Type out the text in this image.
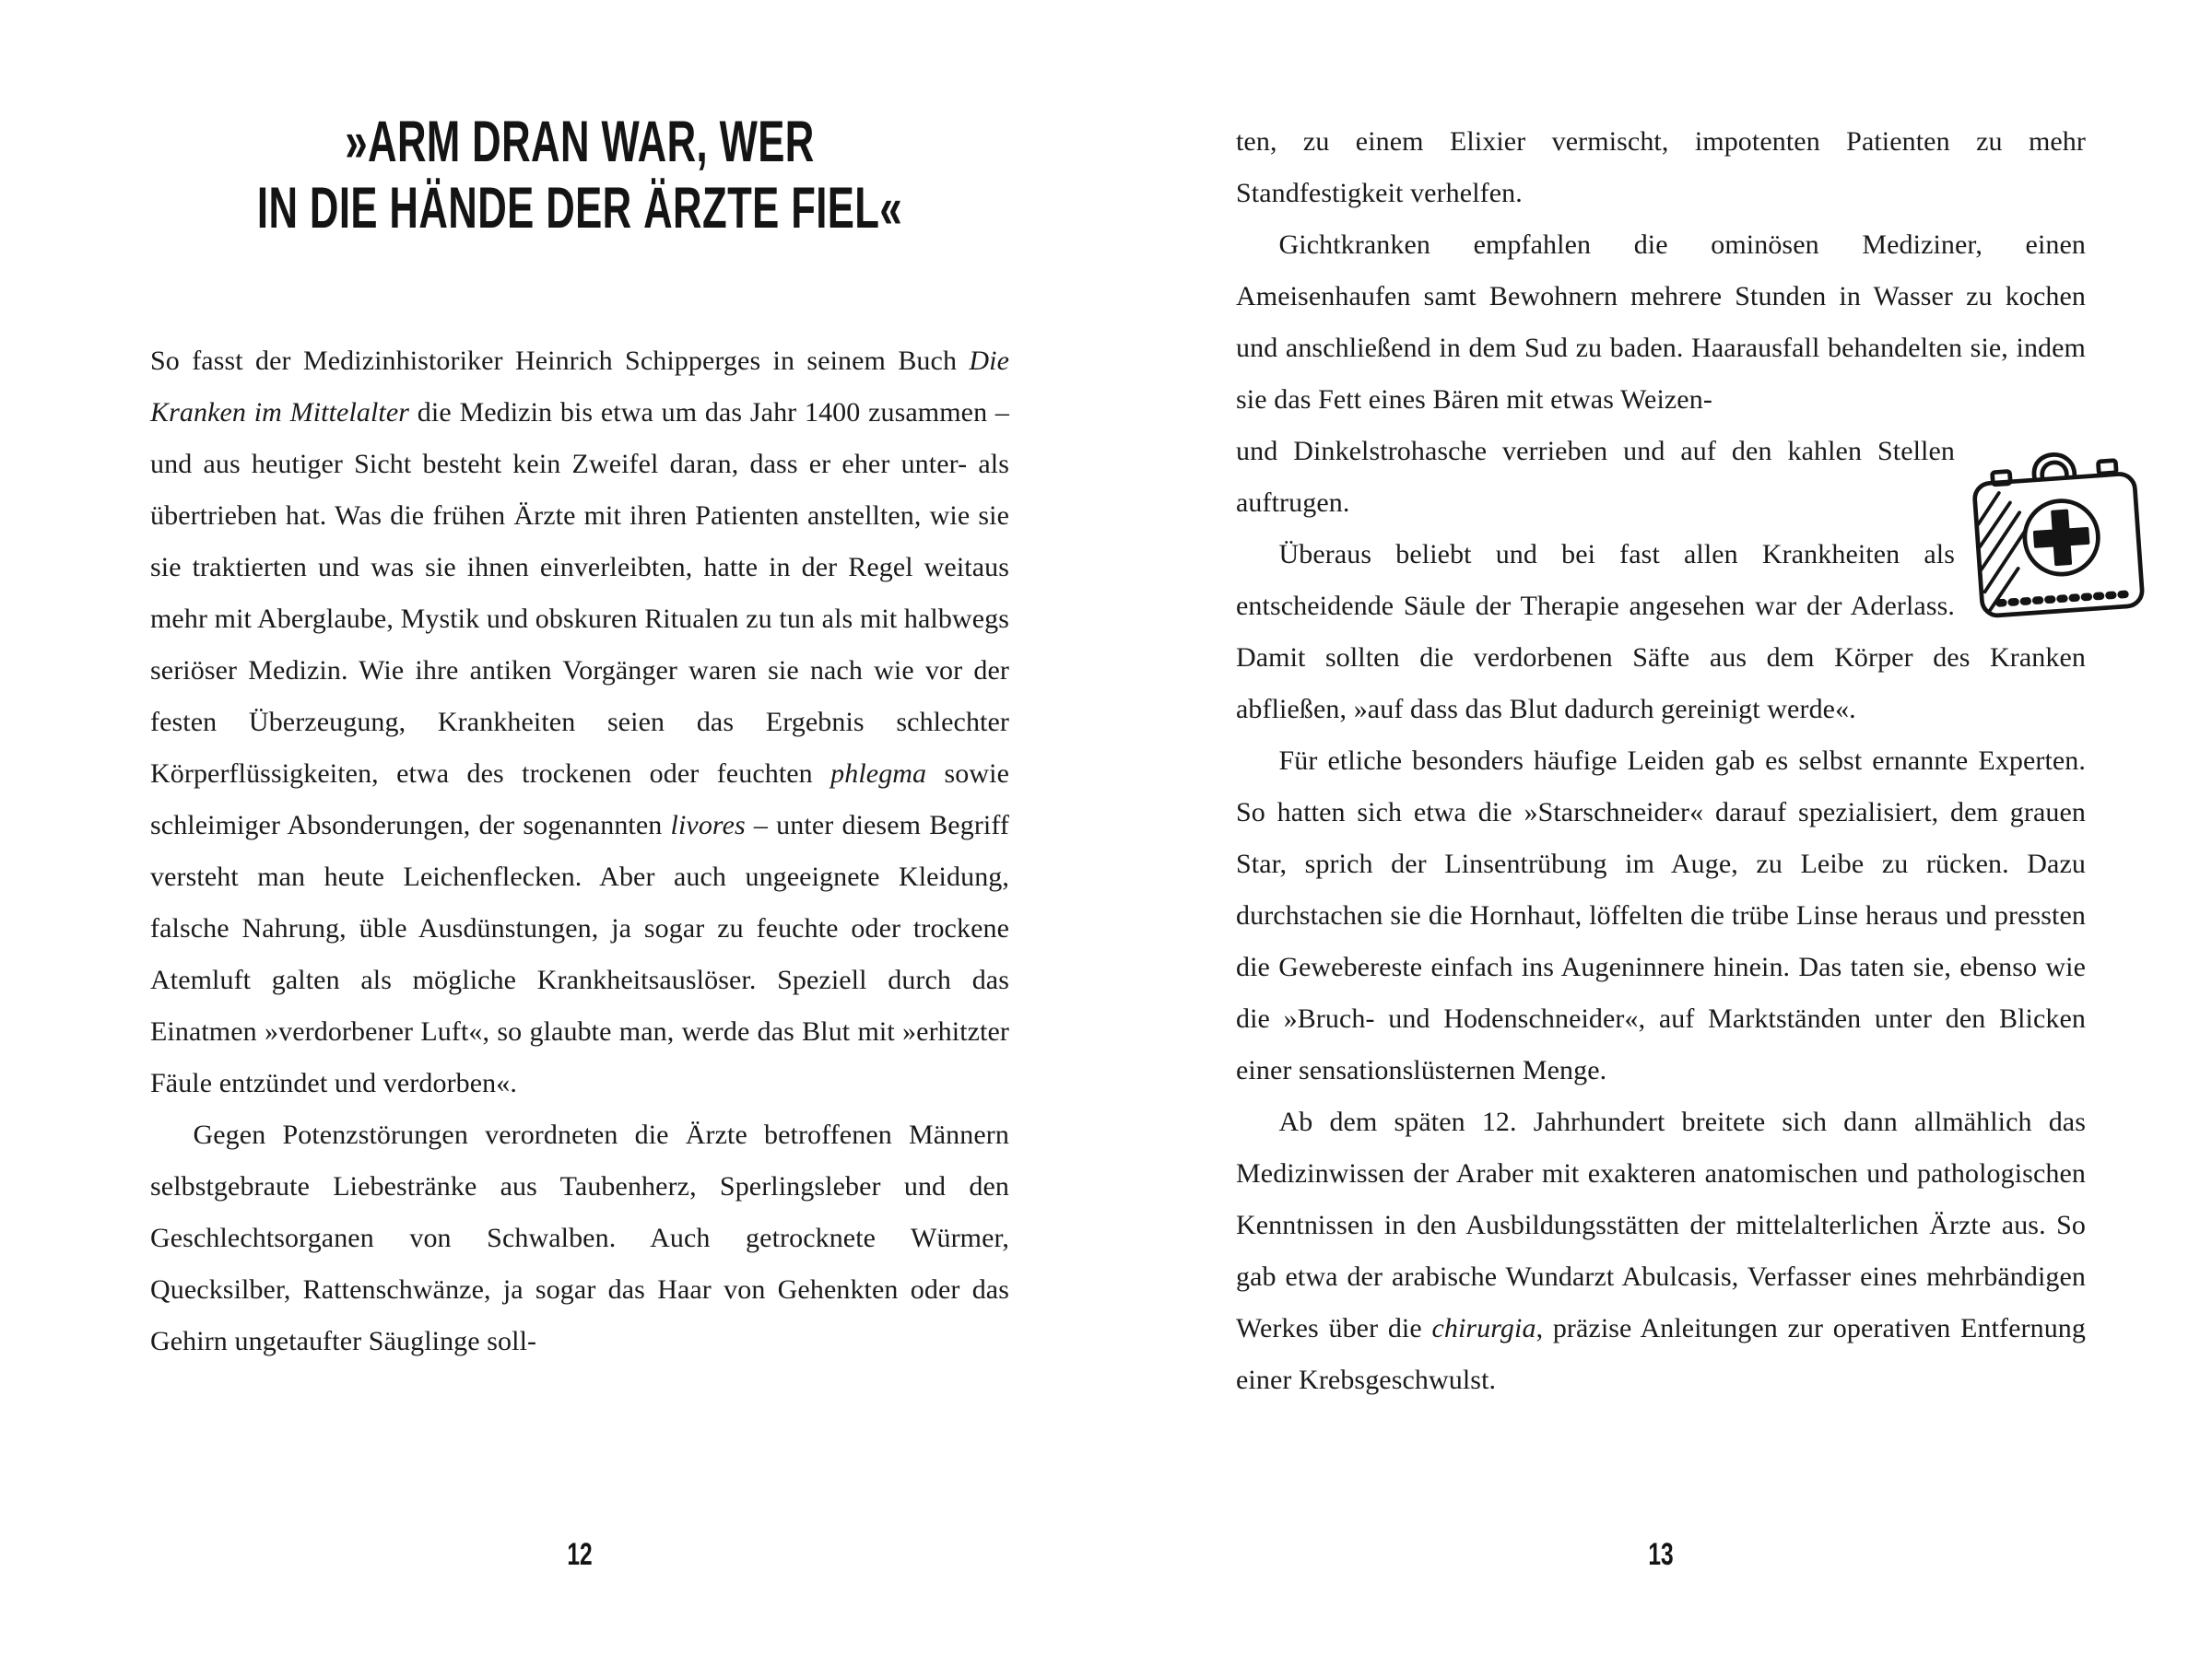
»ARM DRAN WAR, WER
IN DIE HÄNDE DER ÄRZTE FIEL«

So fasst der Medizinhistoriker Heinrich Schipperges in seinem Buch Die Kranken im Mittelalter die Medizin bis etwa um das Jahr 1400 zusammen – und aus heutiger Sicht besteht kein Zweifel daran, dass er eher unter- als übertrieben hat. Was die frühen Ärzte mit ihren Patienten anstellten, wie sie sie traktierten und was sie ihnen einverleibten, hatte in der Regel weitaus mehr mit Aberglaube, Mystik und obskuren Ritualen zu tun als mit halbwegs seriöser Medizin. Wie ihre antiken Vorgänger waren sie nach wie vor der festen Überzeugung, Krankheiten seien das Ergebnis schlechter Körperflüssigkeiten, etwa des trockenen oder feuchten phlegma sowie schleimiger Absonderungen, der sogenannten livores – unter diesem Begriff versteht man heute Leichenflecken. Aber auch ungeeignete Kleidung, falsche Nahrung, üble Ausdünstungen, ja sogar zu feuchte oder trockene Atemluft galten als mögliche Krankheitsauslöser. Speziell durch das Einatmen »verdorbener Luft«, so glaubte man, werde das Blut mit »erhitzter Fäule entzündet und verdorben«.

Gegen Potenzstörungen verordneten die Ärzte betroffenen Männern selbstgebraute Liebestränke aus Taubenherz, Sperlingsleber und den Geschlechtsorganen von Schwalben. Auch getrocknete Würmer, Quecksilber, Rattenschwänze, ja sogar das Haar von Gehenkten oder das Gehirn ungetaufter Säuglinge soll-

12

ten, zu einem Elixier vermischt, impotenten Patienten zu mehr Standfestigkeit verhelfen.

Gichtkranken empfahlen die ominösen Mediziner, einen Ameisenhaufen samt Bewohnern mehrere Stunden in Wasser zu kochen und anschließend in dem Sud zu baden. Haarausfall behandelten sie, indem sie das Fett eines Bären mit etwas Weizen-

und Dinkelstrohasche verrieben und auf den kahlen Stellen auftrugen.

Überaus beliebt und bei fast allen Krankheiten als entscheidende Säule der Therapie angesehen war der Aderlass. Damit sollten die verdorbenen Säfte aus dem Körper des Kranken abfließen, »auf dass das Blut dadurch gereinigt werde«.

Für etliche besonders häufige Leiden gab es selbst ernannte Experten. So hatten sich etwa die »Starschneider« darauf spezialisiert, dem grauen Star, sprich der Linsentrübung im Auge, zu Leibe zu rücken. Dazu durchstachen sie die Hornhaut, löffelten die trübe Linse heraus und pressten die Gewebereste einfach ins Augeninnere hinein. Das taten sie, ebenso wie die »Bruch- und Hodenschneider«, auf Marktständen unter den Blicken einer sensationslüsternen Menge.

Ab dem späten 12. Jahrhundert breitete sich dann allmählich das Medizinwissen der Araber mit exakteren anatomischen und pathologischen Kenntnissen in den Ausbildungsstätten der mittelalterlichen Ärzte aus. So gab etwa der arabische Wundarzt Abulcasis, Verfasser eines mehrbändigen Werkes über die chirurgia, präzise Anleitungen zur operativen Entfernung einer Krebsgeschwulst.

13
